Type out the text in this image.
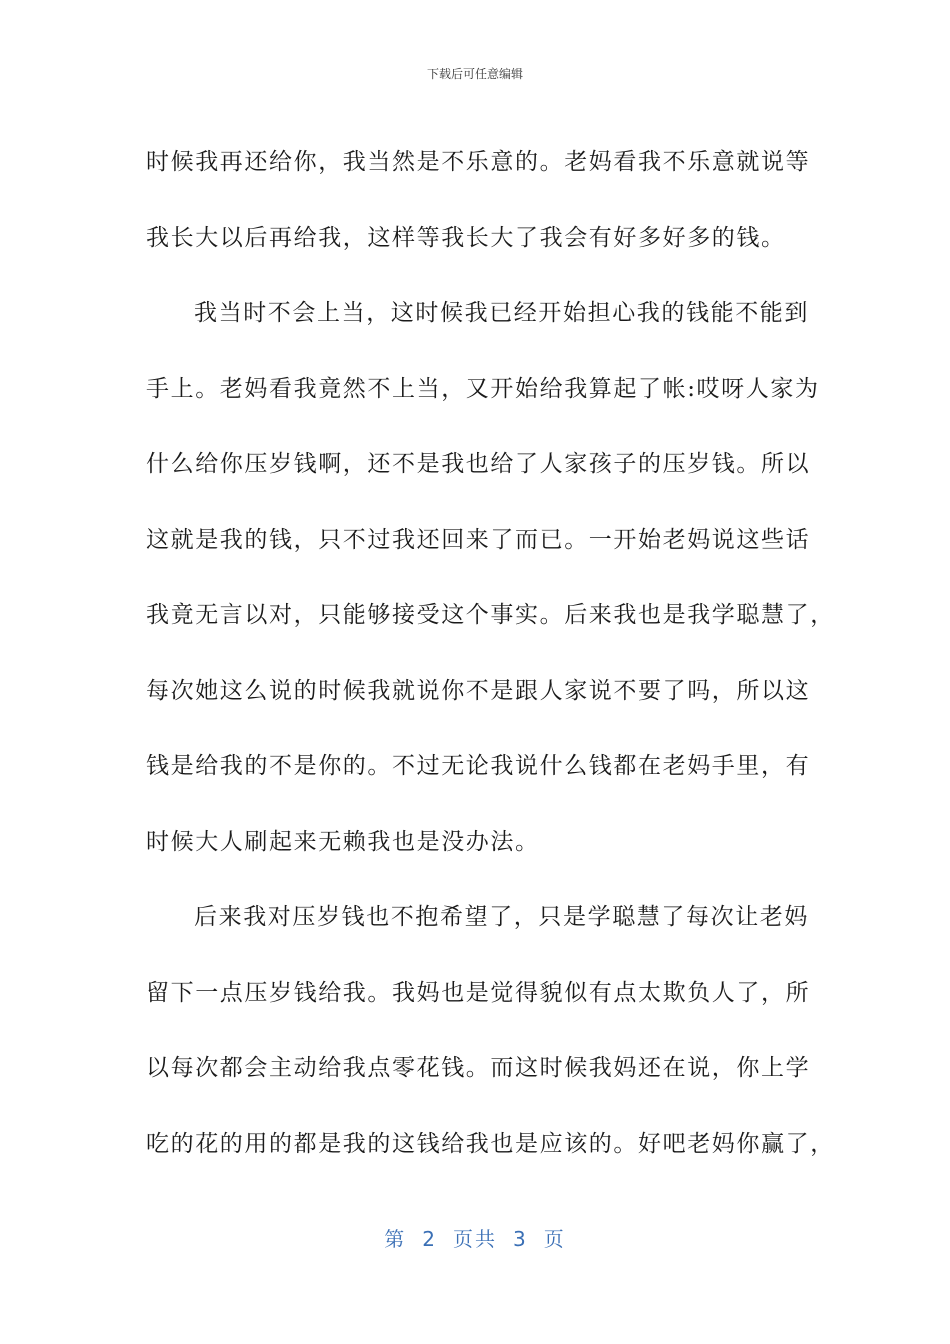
下载后可任意编辑
时候我再还给你，我当然是不乐意的。老妈看我不乐意就说等
我长大以后再给我，这样等我长大了我会有好多好多的钱。
我当时不会上当，这时候我已经开始担心我的钱能不能到
手上。老妈看我竟然不上当，又开始给我算起了帐:哎呀人家为
什么给你压岁钱啊，还不是我也给了人家孩子的压岁钱。所以
这就是我的钱，只不过我还回来了而已。一开始老妈说这些话
我竟无言以对，只能够接受这个事实。后来我也是我学聪慧了，
每次她这么说的时候我就说你不是跟人家说不要了吗，所以这
钱是给我的不是你的。不过无论我说什么钱都在老妈手里，有
时候大人刷起来无赖我也是没办法。
后来我对压岁钱也不抱希望了，只是学聪慧了每次让老妈
留下一点压岁钱给我。我妈也是觉得貌似有点太欺负人了，所
以每次都会主动给我点零花钱。而这时候我妈还在说，你上学
吃的花的用的都是我的这钱给我也是应该的。好吧老妈你赢了，
第 2 页共 3 页
